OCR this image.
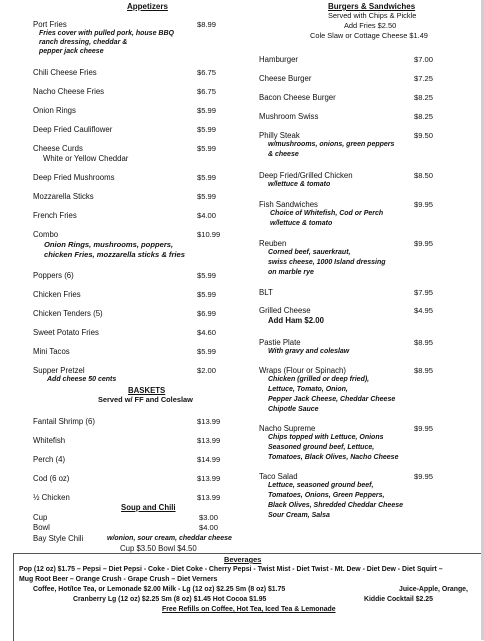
Appetizers
Port Fries	$8.99
Fries cover with pulled pork, house BBQ
ranch dressing, cheddar &
pepper jack cheese
Chili Cheese Fries	$6.75
Nacho Cheese Fries	$6.75
Onion Rings	$5.99
Deep Fried Cauliflower	$5.99
Cheese Curds	$5.99
White or Yellow Cheddar
Deep Fried Mushrooms	$5.99
Mozzarella Sticks	$5.99
French Fries	$4.00
Combo	$10.99
Onion Rings, mushrooms, poppers,
chicken Fries, mozzarella sticks & fries
Poppers (6)	$5.99
Chicken Fries	$5.99
Chicken Tenders (5)	$6.99
Sweet Potato Fries	$4.60
Mini Tacos	$5.99
Supper Pretzel	$2.00
Add cheese 50 cents
BASKETS
Served w/ FF and Coleslaw
Fantail Shrimp (6)	$13.99
Whitefish	$13.99
Perch (4)	$14.99
Cod (6 oz)	$13.99
½ Chicken	$13.99
Soup and Chili
Cup	$3.00
Bowl	$4.00
Bay Style Chili	w/onion, sour cream, cheddar cheese
Cup $3.50 Bowl $4.50
Burgers & Sandwiches
Served with Chips & Pickle
Add Fries $2.50
Cole Slaw or Cottage Cheese $1.49
Hamburger	$7.00
Cheese Burger	$7.25
Bacon Cheese Burger	$8.25
Mushroom Swiss	$8.25
Philly Steak	$9.50
w/mushrooms, onions, green peppers
& cheese
Deep Fried/Grilled Chicken	$8.50
w/lettuce & tomato
Fish Sandwiches	$9.95
Choice of Whitefish, Cod or Perch
w/lettuce & tomato
Reuben	$9.95
Corned beef, sauerkraut,
swiss cheese, 1000 Island dressing
on marble rye
BLT	$7.95
Grilled Cheese	$4.95
Add Ham $2.00
Pastie Plate	$8.95
With gravy and coleslaw
Wraps (Flour or Spinach)	$8.95
Chicken (grilled or deep fried),
Lettuce, Tomato, Onion,
Pepper Jack Cheese, Cheddar Cheese
Chipotle Sauce
Nacho Supreme	$9.95
Chips topped with Lettuce, Onions
Seasoned ground beef, Lettuce,
Tomatoes, Black Olives, Nacho Cheese
Taco Salad	$9.95
Lettuce, seasoned ground beef,
Tomatoes, Onions, Green Peppers,
Black Olives, Shredded Cheddar Cheese
Sour Cream, Salsa
Beverages
Pop (12 oz) $1.75 – Pepsi – Diet Pepsi - Coke - Diet Coke - Cherry Pepsi - Twist Mist - Diet Twist - Mt. Dew - Diet Dew - Diet Squirt –
Mug Root Beer – Orange Crush - Grape Crush – Diet Verners
Coffee, Hot/Ice Tea, or Lemonade $2.00 Milk - Lg (12 oz) $2.25 Sm (8 oz) $1.75	Juice-Apple, Orange,
Cranberry Lg (12 oz) $2.25 Sm (8 oz) $1.45 Hot Cocoa $1.95	Kiddie Cocktail $2.25
Free Refills on Coffee, Hot Tea, Iced Tea & Lemonade
